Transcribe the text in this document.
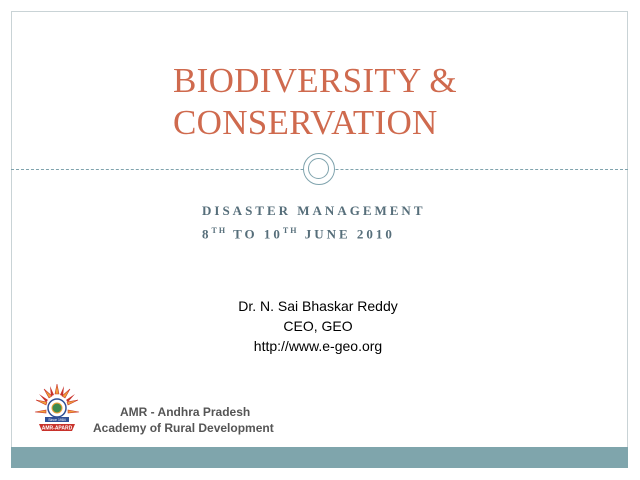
BIODIVERSITY &
CONSERVATION
DISASTER MANAGEMENT
8TH TO 10TH JUNE 2010
Dr. N. Sai Bhaskar Reddy
CEO, GEO
http://www.e-geo.org
Since 1984
AMR-APARD
AMR - Andhra Pradesh
Academy of Rural Development
